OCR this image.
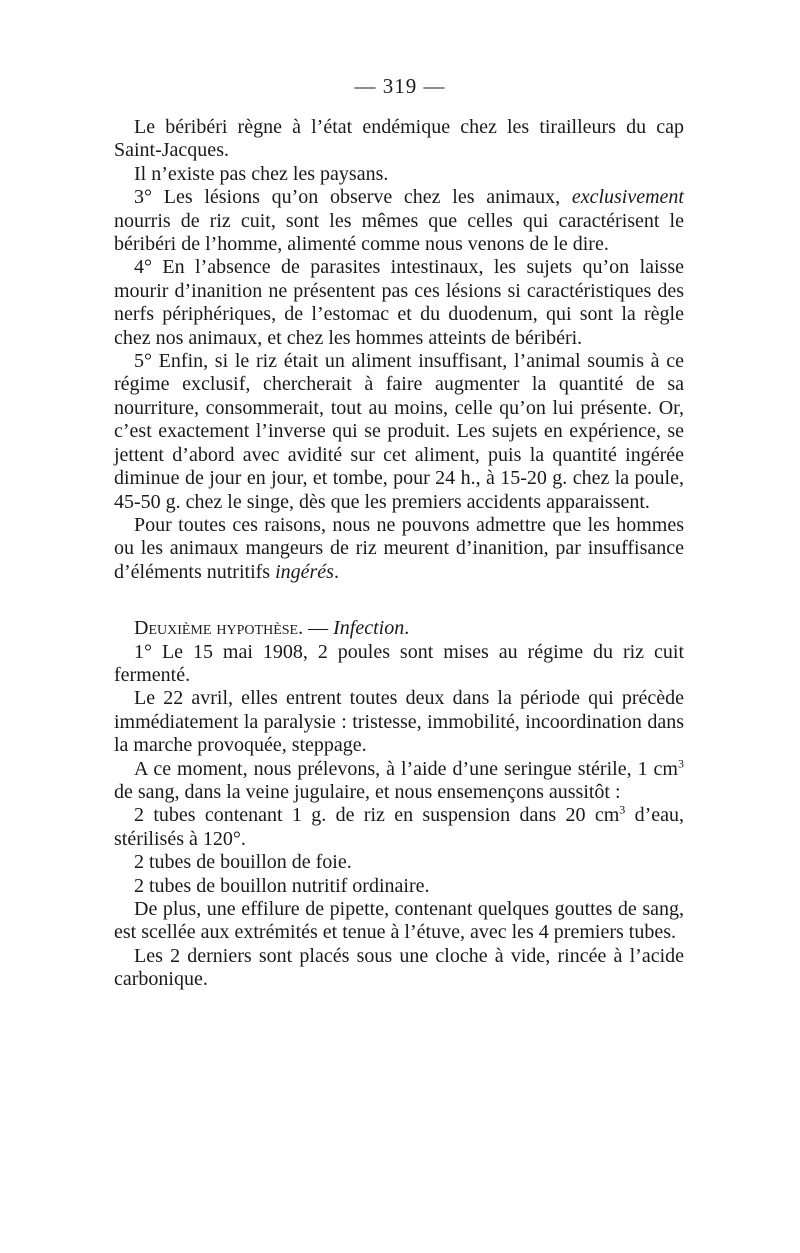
— 319 —

Le béribéri règne à l’état endémique chez les tirailleurs du cap Saint-Jacques.

Il n’existe pas chez les paysans.

3° Les lésions qu’on observe chez les animaux, exclusivement nourris de riz cuit, sont les mêmes que celles qui caractérisent le béribéri de l’homme, alimenté comme nous venons de le dire.

4° En l’absence de parasites intestinaux, les sujets qu’on laisse mourir d’inanition ne présentent pas ces lésions si caractéristiques des nerfs périphériques, de l’estomac et du duodenum, qui sont la règle chez nos animaux, et chez les hommes atteints de béribéri.

5° Enfin, si le riz était un aliment insuffisant, l’animal soumis à ce régime exclusif, chercherait à faire augmenter la quantité de sa nourriture, consommerait, tout au moins, celle qu’on lui présente. Or, c’est exactement l’inverse qui se produit. Les sujets en expérience, se jettent d’abord avec avidité sur cet aliment, puis la quantité ingérée diminue de jour en jour, et tombe, pour 24 h., à 15-20 g. chez la poule, 45-50 g. chez le singe, dès que les premiers accidents apparaissent.

Pour toutes ces raisons, nous ne pouvons admettre que les hommes ou les animaux mangeurs de riz meurent d’inanition, par insuffisance d’éléments nutritifs ingérés.

Deuxième hypothèse. — Infection.

1° Le 15 mai 1908, 2 poules sont mises au régime du riz cuit fermenté.

Le 22 avril, elles entrent toutes deux dans la période qui précède immédiatement la paralysie : tristesse, immobilité, incoordination dans la marche provoquée, steppage.

A ce moment, nous prélevons, à l’aide d’une seringue stérile, 1 $cm^3$ de sang, dans la veine jugulaire, et nous ensemençons aussitôt :

2 tubes contenant 1 g. de riz en suspension dans 20 $cm^3$ d’eau, stérilisés à 120°.

2 tubes de bouillon de foie.

2 tubes de bouillon nutritif ordinaire.

De plus, une effilure de pipette, contenant quelques gouttes de sang, est scellée aux extrémités et tenue à l’étuve, avec les 4 premiers tubes.

Les 2 derniers sont placés sous une cloche à vide, rincée à l’acide carbonique.
